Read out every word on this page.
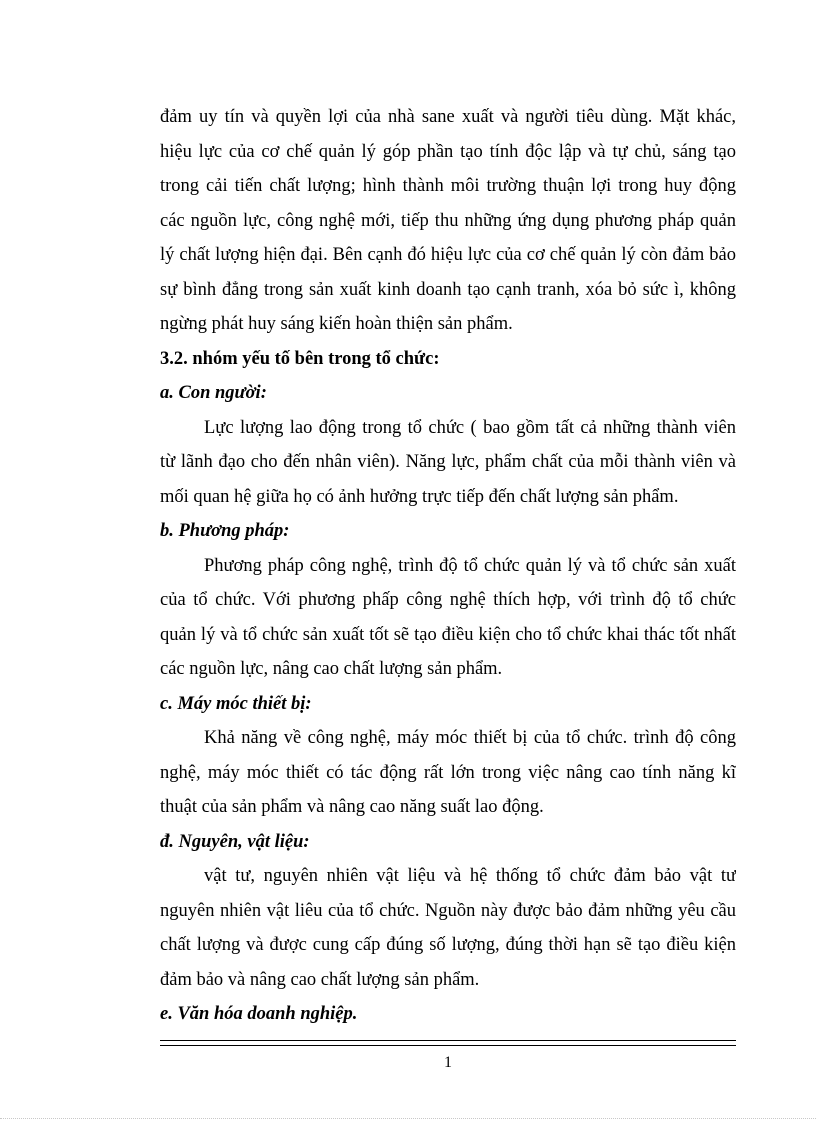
đảm uy tín và quyền lợi của nhà sane xuất và người tiêu dùng. Mặt khác,
hiệu lực của cơ chế quản lý góp phần tạo tính độc lập và tự chủ, sáng tạo
trong cải tiến chất lượng; hình thành môi trường thuận lợi trong huy động
các nguồn lực, công nghệ mới, tiếp thu những ứng dụng phương pháp quản
lý chất lượng hiện đại. Bên cạnh đó hiệu lực của cơ chế quản lý còn đảm bảo
sự bình đẳng trong sản xuất kinh doanh tạo cạnh tranh, xóa bỏ sức ì, không
ngừng phát huy sáng kiến hoàn thiện sản phẩm.
3.2. nhóm yếu tố bên trong tổ chức:
a. Con người:
Lực lượng lao động trong tổ chức ( bao gồm tất cả những thành viên
từ lãnh đạo cho đến nhân viên). Năng lực, phẩm chất của mỗi thành viên và
mối quan hệ giữa họ có ảnh hưởng trực tiếp đến chất lượng sản phẩm.
b. Phương pháp:
Phương pháp công nghệ, trình độ tổ chức quản lý và tổ chức sản xuất
của tổ chức. Với phương phấp công nghệ thích hợp, với trình độ tổ chức
quản lý và tổ chức sản xuất tốt sẽ tạo điều kiện cho tổ chức khai thác tốt nhất
các nguồn lực, nâng cao chất lượng sản phẩm.
c. Máy móc thiết bị:
Khả năng về công nghệ, máy móc thiết bị của tổ chức. trình độ công
nghệ, máy móc thiết có tác động rất lớn trong việc nâng cao tính năng kĩ
thuật của sản phẩm và nâng cao năng suất lao động.
đ. Nguyên, vật liệu:
vật tư, nguyên nhiên vật liệu và hệ thống tổ chức đảm bảo vật tư
nguyên nhiên vật liêu của tổ chức. Nguồn này được bảo đảm những yêu cầu
chất lượng và được cung cấp đúng số lượng, đúng thời hạn sẽ tạo điều kiện
đảm bảo và nâng cao chất lượng sản phẩm.
e. Văn hóa doanh nghiệp.
1
